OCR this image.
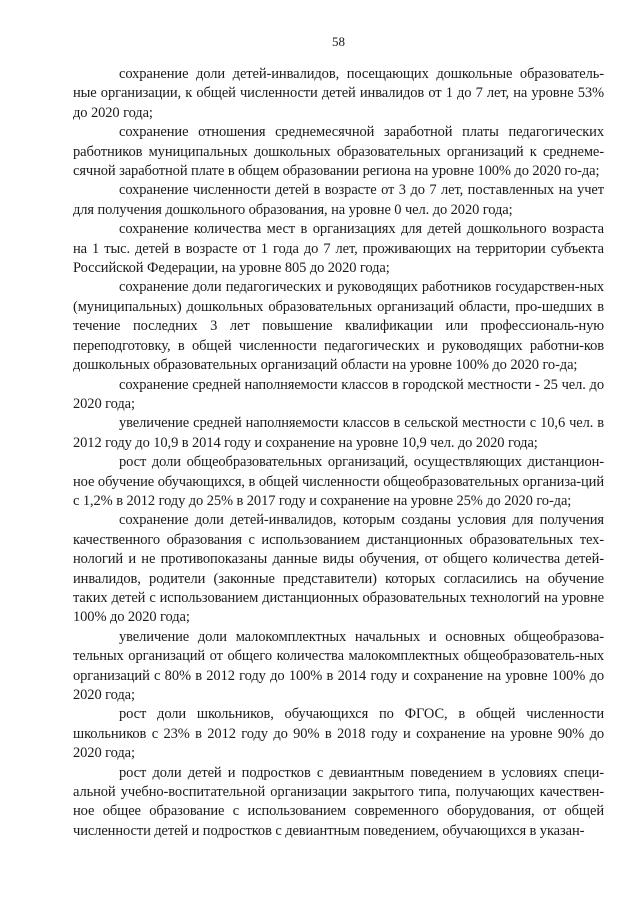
58

сохранение доли детей-инвалидов, посещающих дошкольные образователь-ные организации, к общей численности детей инвалидов от 1 до 7 лет, на уровне 53% до 2020 года;

сохранение отношения среднемесячной заработной платы педагогических работников муниципальных дошкольных образовательных организаций к среднеме-сячной заработной плате в общем образовании региона на уровне 100% до 2020 го-да;

сохранение численности детей в возрасте от 3 до 7 лет, поставленных на учет для получения дошкольного образования, на уровне 0 чел. до 2020 года;

сохранение количества мест в организациях для детей дошкольного возраста на 1 тыс. детей в возрасте от 1 года до 7 лет, проживающих на территории субъекта Российской Федерации, на уровне 805 до 2020 года;

сохранение доли педагогических и руководящих работников государствен-ных (муниципальных) дошкольных образовательных организаций области, про-шедших в течение последних 3 лет повышение квалификации или профессиональ-ную переподготовку, в общей численности педагогических и руководящих работни-ков дошкольных образовательных организаций области на уровне 100% до 2020 го-да;

сохранение средней наполняемости классов в городской местности - 25 чел. до 2020 года;

увеличение средней наполняемости классов в сельской местности с 10,6 чел. в 2012 году до 10,9 в 2014 году и сохранение на уровне 10,9 чел. до 2020 года;

рост доли общеобразовательных организаций, осуществляющих дистанцион-ное обучение обучающихся, в общей численности общеобразовательных организа-ций с 1,2% в 2012 году до 25% в 2017 году и сохранение на уровне 25% до 2020 го-да;

сохранение доли детей-инвалидов, которым созданы условия для получения качественного образования с использованием дистанционных образовательных тех-нологий и не противопоказаны данные виды обучения, от общего количества детей-инвалидов, родители (законные представители) которых согласились на обучение таких детей с использованием дистанционных образовательных технологий на уровне 100% до 2020 года;

увеличение доли малокомплектных начальных и основных общеобразова-тельных организаций от общего количества малокомплектных общеобразователь-ных организаций с 80% в 2012 году до 100% в 2014 году и сохранение на уровне 100% до 2020 года;

рост доли школьников, обучающихся по ФГОС, в общей численности школьников с 23% в 2012 году до 90% в 2018 году и сохранение на уровне 90% до 2020 года;

рост доли детей и подростков с девиантным поведением в условиях специ-альной учебно-воспитательной организации закрытого типа, получающих качествен-ное общее образование с использованием современного оборудования, от общей численности детей и подростков с девиантным поведением, обучающихся в указан-
